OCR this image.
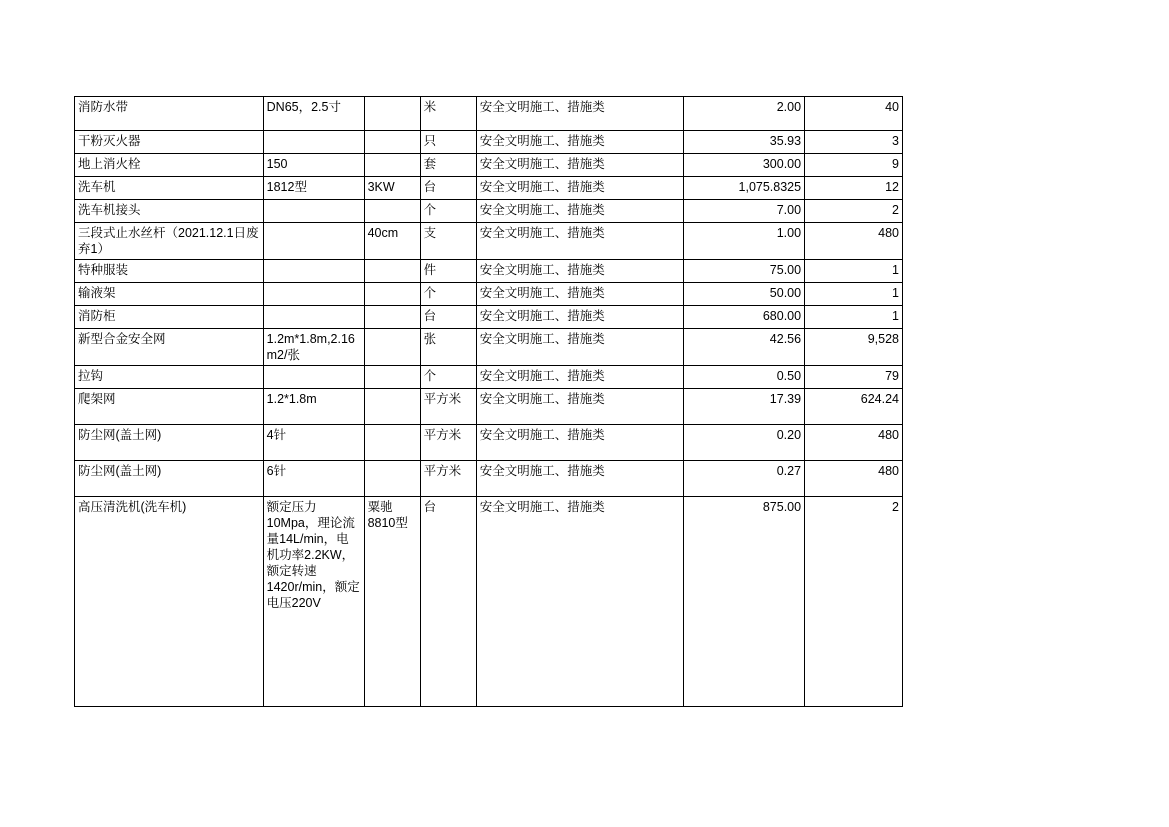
消防水带	DN65，2.5寸		米	安全文明施工、措施类	2.00	40
干粉灭火器			只	安全文明施工、措施类	35.93	3
地上消火栓	150		套	安全文明施工、措施类	300.00	9
洗车机	1812型	3KW	台	安全文明施工、措施类	1,075.8325	12
洗车机接头			个	安全文明施工、措施类	7.00	2
三段式止水丝杆（2021.12.1日废弃1）		40cm	支	安全文明施工、措施类	1.00	480
特种服装			件	安全文明施工、措施类	75.00	1
输液架			个	安全文明施工、措施类	50.00	1
消防柜			台	安全文明施工、措施类	680.00	1
新型合金安全网	1.2m*1.8m,2.16m2/张		张	安全文明施工、措施类	42.56	9,528
拉钩			个	安全文明施工、措施类	0.50	79
爬架网	1.2*1.8m		平方米	安全文明施工、措施类	17.39	624.24
防尘网(盖土网)	4针		平方米	安全文明施工、措施类	0.20	480
防尘网(盖土网)	6针		平方米	安全文明施工、措施类	0.27	480
高压清洗机(洗车机)	额定压力10Mpa，理论流量14L/min，电机功率2.2KW，额定转速1420r/min，额定电压220V	粟驰8810型	台	安全文明施工、措施类	875.00	2
